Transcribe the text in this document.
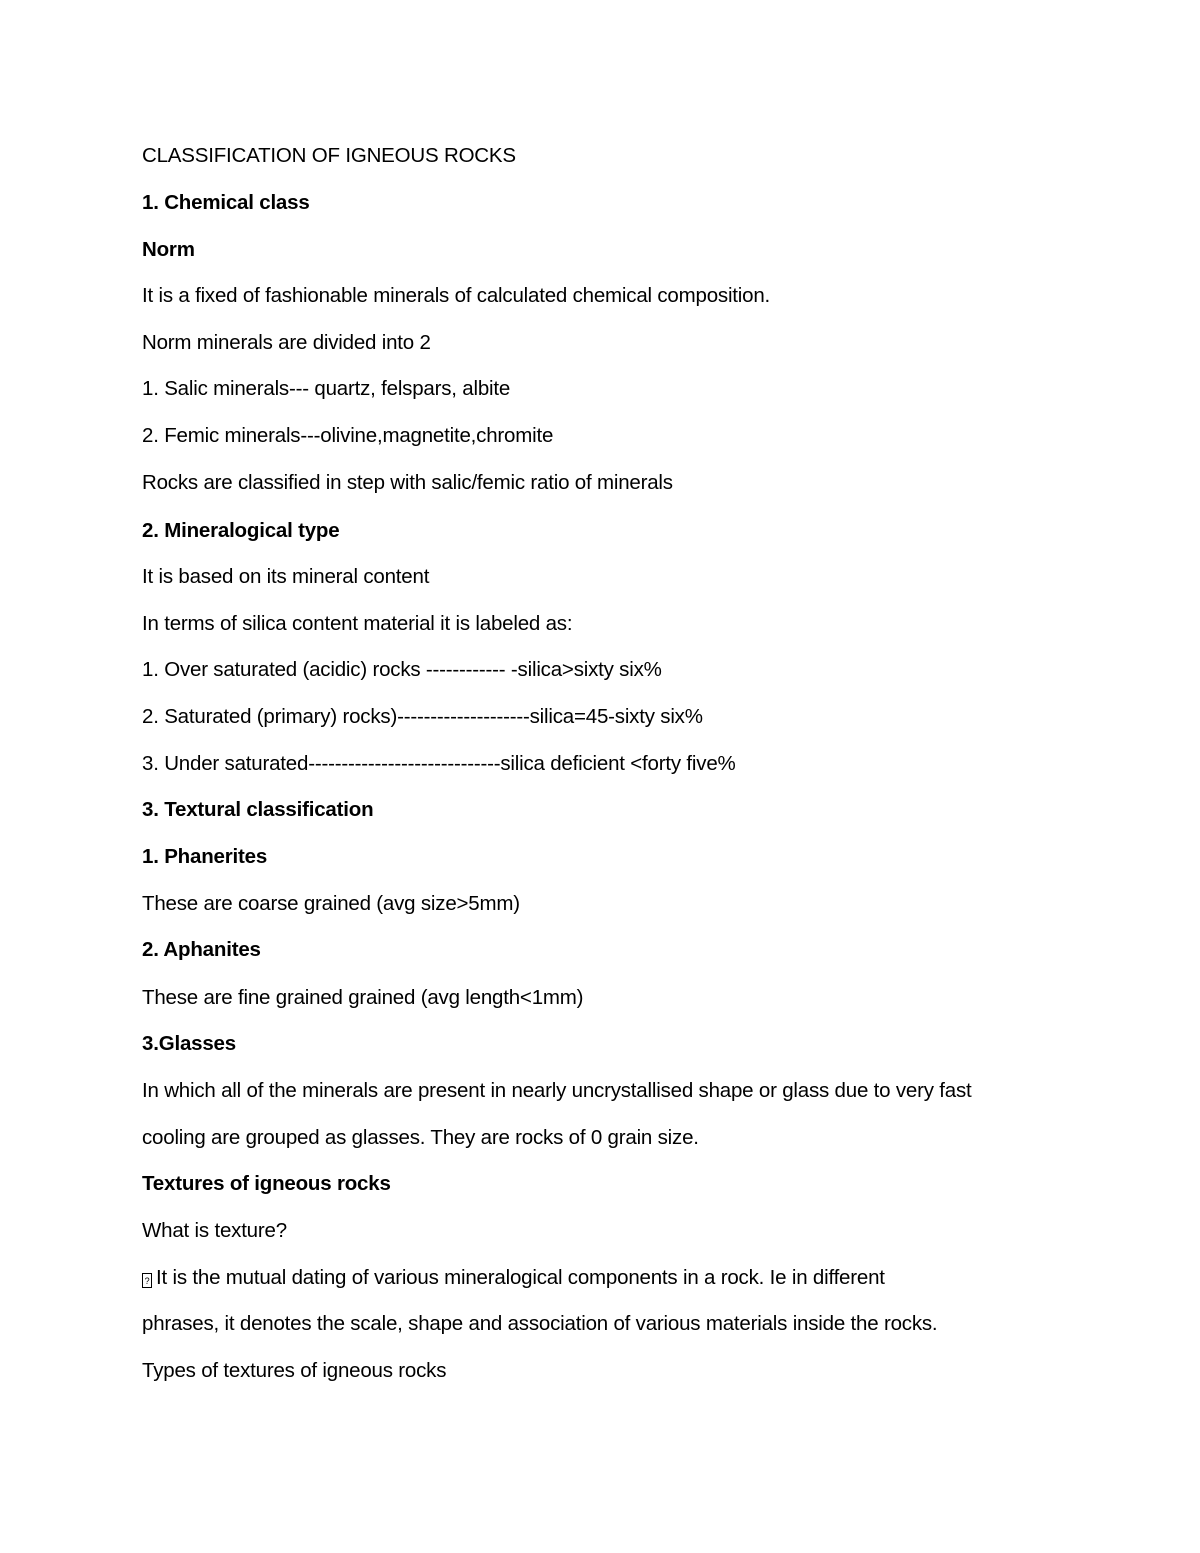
CLASSIFICATION OF IGNEOUS ROCKS

1. Chemical class

Norm

It is a fixed of fashionable minerals of calculated chemical composition.

Norm minerals are divided into 2

1. Salic minerals--- quartz, felspars, albite

2. Femic minerals---olivine,magnetite,chromite

Rocks are classified in step with salic/femic ratio of minerals

2. Mineralogical type

It is based on its mineral content

In terms of silica content material it is labeled as:

1. Over saturated (acidic) rocks ------------ -silica>sixty six%

2. Saturated (primary) rocks)--------------------silica=45-sixty six%

3. Under saturated-----------------------------silica deficient <forty five%

3. Textural classification

1. Phanerites

These are coarse grained (avg size>5mm)

2. Aphanites

These are fine grained grained (avg length<1mm)

3.Glasses

In which all of the minerals are present in nearly uncrystallised shape or glass due to very fast

cooling are grouped as glasses. They are rocks of 0 grain size.

Textures of igneous rocks

What is texture?

? It is the mutual dating of various mineralogical components in a rock. Ie in different

phrases, it denotes the scale, shape and association of various materials inside the rocks.

Types of textures of igneous rocks
